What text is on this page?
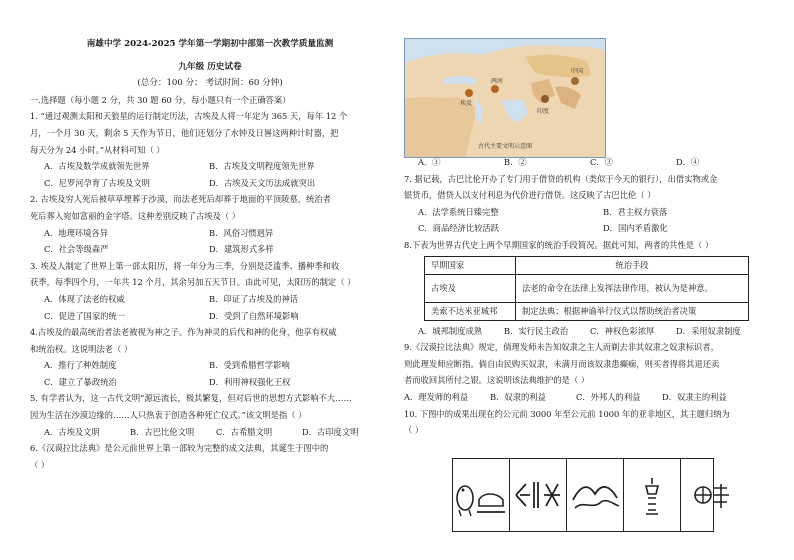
南雄中学 2024-2025 学年第一学期初中部第一次教学质量监测
九年级 历史试卷
(总分：100 分； 考试时间：60 分钟)

一.选择题（每小题 2 分，共 30 题 60 分，每小题只有一个正确答案）

1. “通过观测太阳和天狼星的运行制定历法，古埃及人将一年定为 365 天，每年 12 个

月，一个月 30 天，剩余 5 天作为节日，他们还划分了水钟及日晷这两种计时器，把

每天分为 24 小时。”从材料可知（ ）

A．古埃及数学成就领先世界	B．古埃及文明程度领先世界
C．尼罗河孕育了古埃及文明	D．古埃及天文历法成就突出

2. 古埃及穷人死后被草草埋葬于沙漠，而法老死后却葬于地面的平顶陵墓，统治者

死后葬入宛如富丽的金字塔。这种差别反映了古埃及（ ）

A．地理环境各异	B．风俗习惯迥异
C．社会等级森严	D．建筑形式多样

3. 埃及人制定了世界上第一部太阳历，将一年分为三季，分别是泛滥季、播种季和收

获季，每季四个月，一年共 12 个月，其余另加五天节日。由此可见，太阳历的制定（ ）

A．体现了法老的权威	B．印证了古埃及的神话
C．促进了国家的统一	D．受到了自然环境影响

4.古埃及的最高统治者法老被视为神之子。作为神灵的后代和神的化身，他享有权威

和统治权。这说明法老（ ）

A．推行了种姓制度	B．受到希腊哲学影响
C．建立了暴政统治	D．利用神权强化王权

5. 有学者认为，这一古代文明“源远流长，极其繁复，但对后世的思想方式影响不大……

因为生活在沙漠边缘的……人只热衷于创造各种死亡仪式。”该文明是指（ ）

A．古埃及文明	B．古巴比伦文明	C．古希腊文明	D．古印度文明

6.《汉谟拉比法典》是公元前世界上第一部较为完整的成文法典，其诞生于图中的

（ ）

埃及
两河
印度
中国
古代主要文明示意图
A．①	B．②	C．③	D．④

7. 据记载，古巴比伦开办了专门用于借贷的机构（类似于今天的银行），出借实物或金

银货币，借贷人以支付利息为代价进行借贷。这反映了古巴比伦（ ）

A．法学系统日臻完整	B．君主权力衰落
C．商品经济比较活跃	D．国内矛盾激化

8.下表为世界古代史上两个早期国家的统治手段简况。据此可知，两者的共性是（ ）

早期国家	统治手段
古埃及	法老的命令在法律上发挥法律作用，被认为是神意。
美索不达米亚城邦	制定法典；根据神谕举行仪式以帮助统治者决策
A．城邦制度成熟	B．实行民主政治	C．神权色彩浓厚	D．采用奴隶制度

9.《汉谟拉比法典》规定，倘理发师未告知奴隶之主人而剃去非其奴隶之奴隶标识者，

则此理发师应断指。倘自由民购买奴隶，未满月而该奴隶患癫痫，则买者得将其退还卖

者而收回其所付之银。这说明该法典维护的是（ ）

A．理发师的利益	B．奴隶的利益	C．外邦人的利益	D．奴隶主的利益

10. 下图中的成果出现在约公元前 3000 年至公元前 1000 年的亚非地区，其主题归纳为

（ ）
